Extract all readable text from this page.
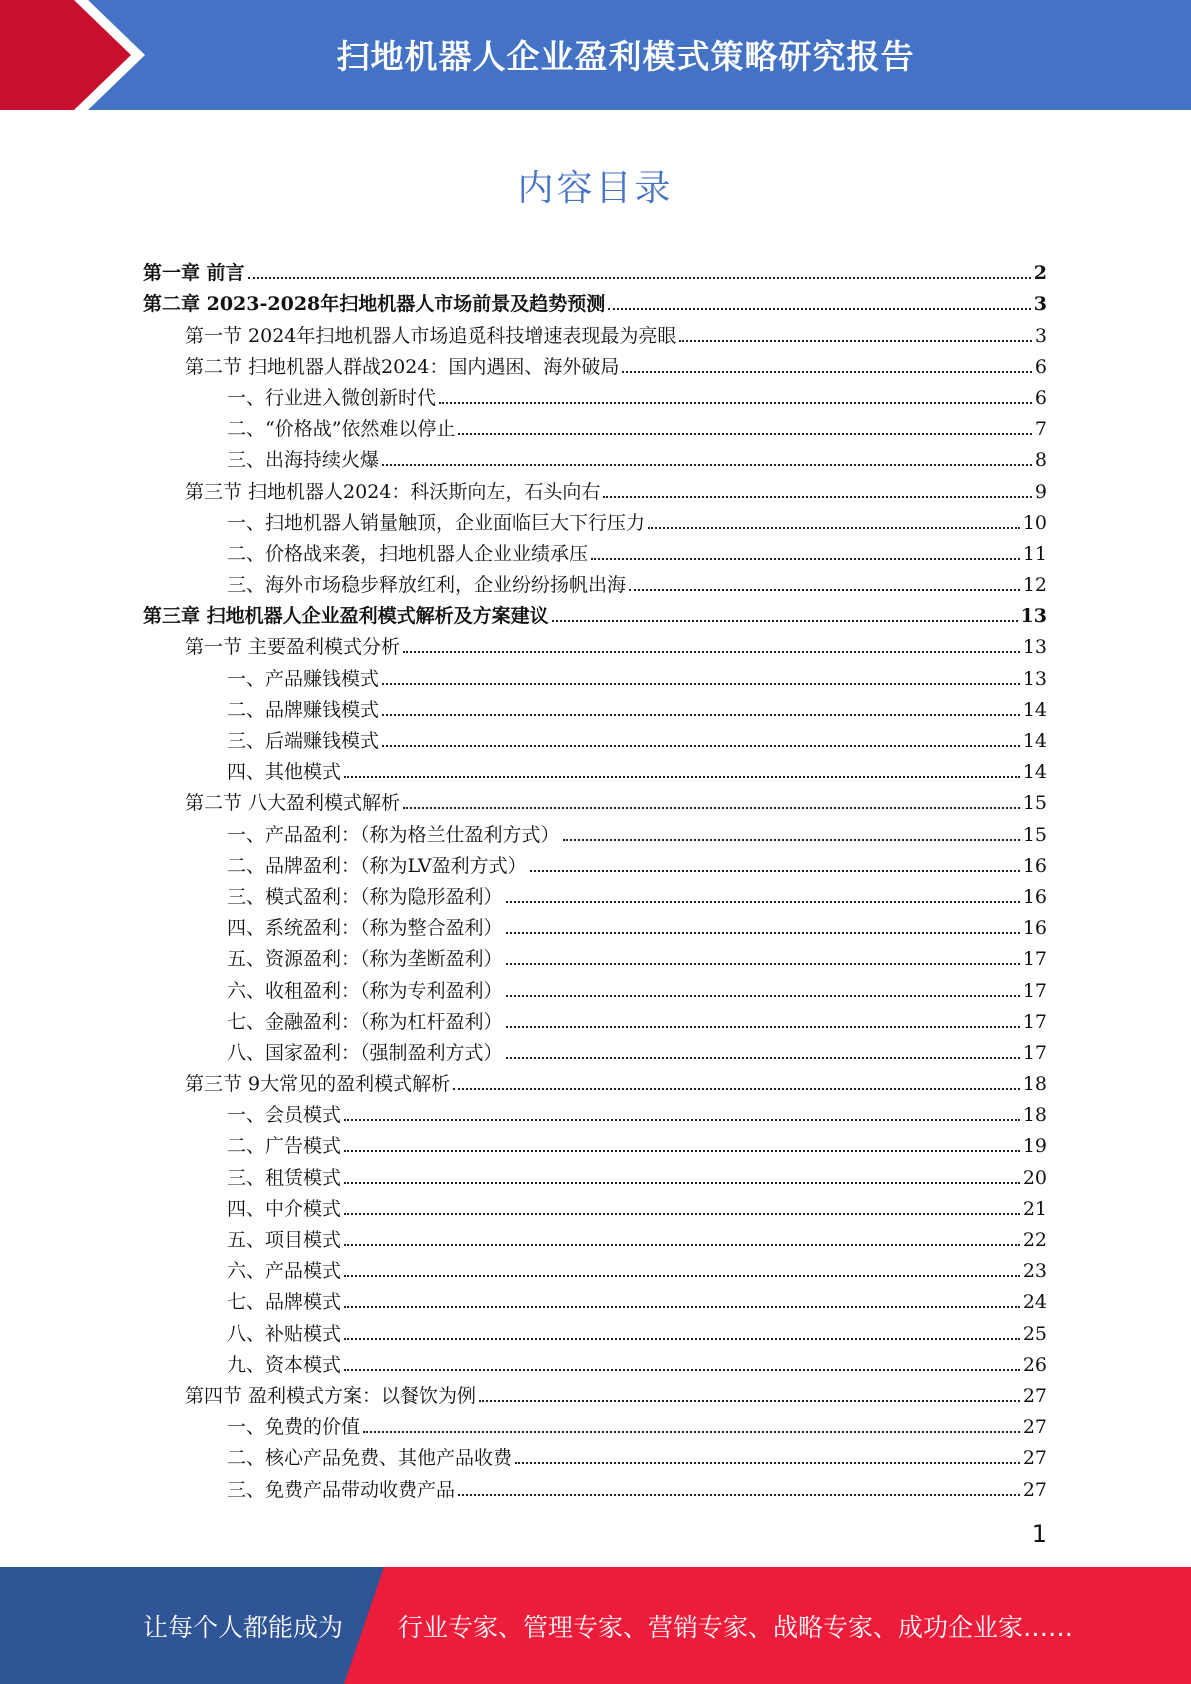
扫地机器人企业盈利模式策略研究报告
内容目录
第一章 前言	2
第二章 2023-2028年扫地机器人市场前景及趋势预测	3
第一节 2024年扫地机器人市场追觅科技增速表现最为亮眼	3
第二节 扫地机器人群战2024：国内遇困、海外破局	6
一、行业进入微创新时代	6
二、“价格战”依然难以停止	7
三、出海持续火爆	8
第三节 扫地机器人2024：科沃斯向左，石头向右	9
一、扫地机器人销量触顶，企业面临巨大下行压力	10
二、价格战来袭，扫地机器人企业业绩承压	11
三、海外市场稳步释放红利，企业纷纷扬帆出海	12
第三章 扫地机器人企业盈利模式解析及方案建议	13
第一节 主要盈利模式分析	13
一、产品赚钱模式	13
二、品牌赚钱模式	14
三、后端赚钱模式	14
四、其他模式	14
第二节 八大盈利模式解析	15
一、产品盈利：（称为格兰仕盈利方式）	15
二、品牌盈利：（称为LV盈利方式）	16
三、模式盈利：（称为隐形盈利）	16
四、系统盈利：（称为整合盈利）	16
五、资源盈利：（称为垄断盈利）	17
六、收租盈利：（称为专利盈利）	17
七、金融盈利：（称为杠杆盈利）	17
八、国家盈利：（强制盈利方式）	17
第三节 9大常见的盈利模式解析	18
一、会员模式	18
二、广告模式	19
三、租赁模式	20
四、中介模式	21
五、项目模式	22
六、产品模式	23
七、品牌模式	24
八、补贴模式	25
九、资本模式	26
第四节 盈利模式方案：以餐饮为例	27
一、免费的价值	27
二、核心产品免费、其他产品收费	27
三、免费产品带动收费产品	27
1
让每个人都能成为 行业专家、管理专家、营销专家、战略专家、成功企业家……
